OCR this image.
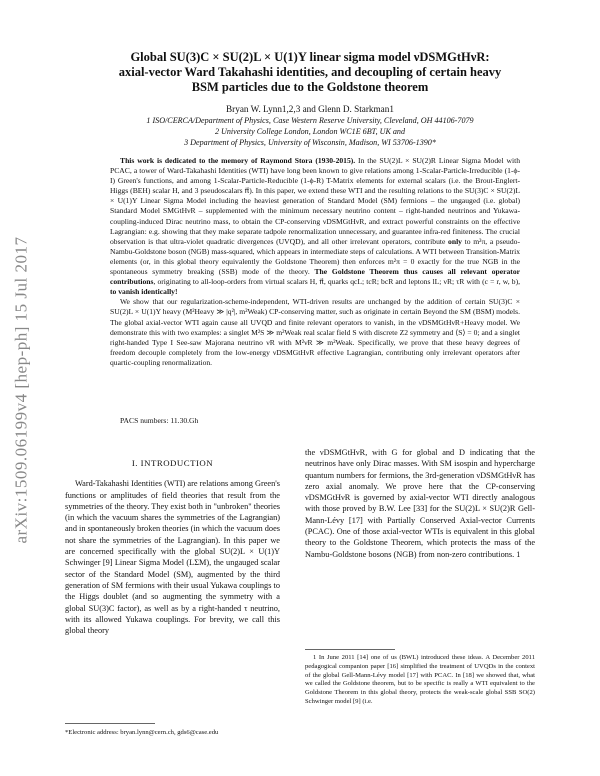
arXiv:1509.06199v4 [hep-ph] 15 Jul 2017
Global SU(3)C × SU(2)L × U(1)Y linear sigma model νDSMGtHνR:
axial-vector Ward Takahashi identities, and decoupling of certain heavy
BSM particles due to the Goldstone theorem
Bryan W. Lynn1,2,3 and Glenn D. Starkman1
1 ISO/CERCA/Department of Physics, Case Western Reserve University, Cleveland, OH 44106-7079
2 University College London, London WC1E 6BT, UK and
3 Department of Physics, University of Wisconsin, Madison, WI 53706-1390*

This work is dedicated to the memory of Raymond Stora (1930-2015). In the SU(2)L × SU(2)R Linear Sigma Model with PCAC, a tower of Ward-Takahashi Identities (WTI) have long been known to give relations among 1-Scalar-Particle-Irreducible (1-ϕ-I) Green's functions, and among 1-Scalar-Particle-Reducible (1-ϕ-R) T-Matrix elements for external scalars (i.e. the Brout-Englert-Higgs (BEH) scalar H, and 3 pseudoscalars π⃗). In this paper, we extend these WTI and the resulting relations to the SU(3)C × SU(2)L × U(1)Y Linear Sigma Model including the heaviest generation of Standard Model (SM) fermions – the ungauged (i.e. global) Standard Model SMGtHνR – supplemented with the minimum necessary neutrino content – right-handed neutrinos and Yukawa-coupling-induced Dirac neutrino mass, to obtain the CP-conserving νDSMGtHνR, and extract powerful constraints on the effective Lagrangian: e.g. showing that they make separate tadpole renormalization unnecessary, and guarantee infra-red finiteness. The crucial observation is that ultra-violet quadratic divergences (UVQD), and all other irrelevant operators, contribute only to m²π, a pseudo-Nambu-Goldstone boson (NGB) mass-squared, which appears in intermediate steps of calculations. A WTI between Transition-Matrix elements (or, in this global theory equivalently the Goldstone Theorem) then enforces m²π = 0 exactly for the true NGB in the spontaneous symmetry breaking (SSB) mode of the theory. The Goldstone Theorem thus causes all relevant operator contributions, originating to all-loop-orders from virtual scalars H, π⃗, quarks qcL; tcR; bcR and leptons lL; νR; τR with (c = r, w, b), to vanish identically!

We show that our regularization-scheme-independent, WTI-driven results are unchanged by the addition of certain SU(3)C × SU(2)L × U(1)Y heavy (M²Heavy ≫ |q²|, m²Weak) CP-conserving matter, such as originate in certain Beyond the SM (BSM) models. The global axial-vector WTI again cause all UVQD and finite relevant operators to vanish, in the νDSMGtHνR+Heavy model. We demonstrate this with two examples: a singlet M²S ≫ m²Weak real scalar field S with discrete Z2 symmetry and ⟨S⟩ = 0; and a singlet right-handed Type I See-saw Majorana neutrino νR with M²νR ≫ m²Weak. Specifically, we prove that these heavy degrees of freedom decouple completely from the low-energy νDSMGtHνR effective Lagrangian, contributing only irrelevant operators after quartic-coupling renormalization.

PACS numbers: 11.30.Gh
I. INTRODUCTION

Ward-Takahashi Identities (WTI) are relations among Green's functions or amplitudes of field theories that result from the symmetries of the theory. They exist both in "unbroken" theories (in which the vacuum shares the symmetries of the Lagrangian) and in spontaneously broken theories (in which the vacuum does not share the symmetries of the Lagrangian). In this paper we are concerned specifically with the global SU(2)L × U(1)Y Schwinger [9] Linear Sigma Model (LΣM), the ungauged scalar sector of the Standard Model (SM), augmented by the third generation of SM fermions with their usual Yukawa couplings to the Higgs doublet (and so augmenting the symmetry with a global SU(3)C factor), as well as by a right-handed τ neutrino, with its allowed Yukawa couplings. For brevity, we call this global theory

the νDSMGtHνR, with G for global and D indicating that the neutrinos have only Dirac masses. With SM isospin and hypercharge quantum numbers for fermions, the 3rd-generation νDSMGtHνR has zero axial anomaly. We prove here that the CP-conserving νDSMGtHνR is governed by axial-vector WTI directly analogous with those proved by B.W. Lee [33] for the SU(2)L × SU(2)R Gell-Mann-Lévy [17] with Partially Conserved Axial-vector Currents (PCAC). One of those axial-vector WTIs is equivalent in this global theory to the Goldstone Theorem, which protects the mass of the Nambu-Goldstone bosons (NGB) from non-zero contributions. 1

*Electronic address: bryan.lynn@cern.ch, gds6@case.edu

1 In June 2011 [14] one of us (BWL) introduced these ideas. A December 2011 pedagogical companion paper [16] simplified the treatment of UVQDs in the context of the global Gell-Mann-Lévy model [17] with PCAC. In [18] we showed that, what we called the Goldstone theorem, but to be specific is really a WTI equivalent to the Goldstone Theorem in this global theory, protects the weak-scale global SSB SO(2) Schwinger model [9] (i.e.
